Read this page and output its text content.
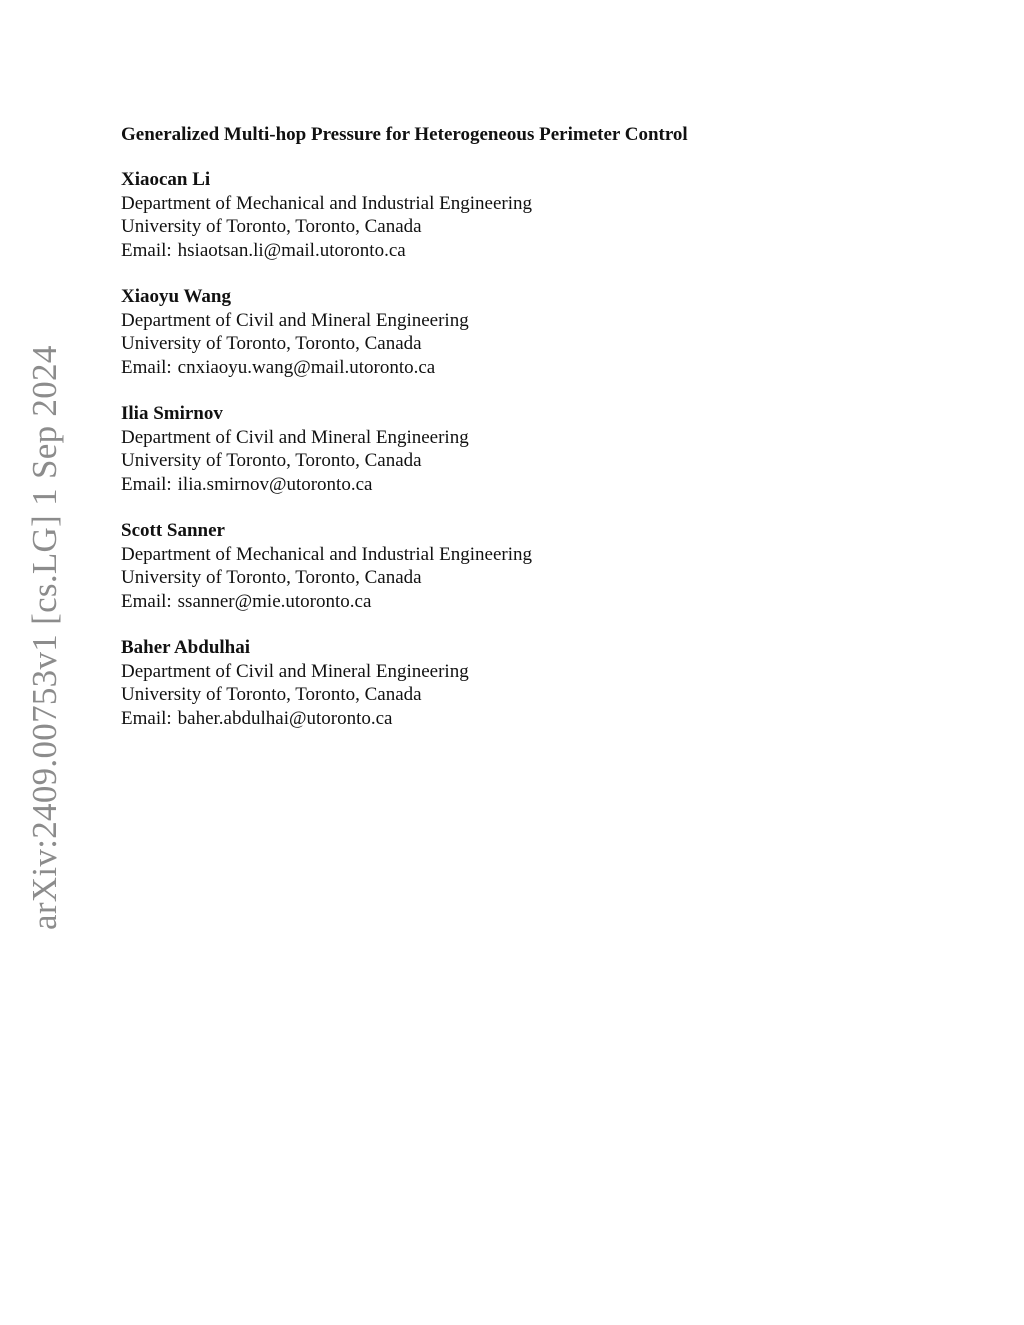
arXiv:2409.00753v1 [cs.LG] 1 Sep 2024
Generalized Multi-hop Pressure for Heterogeneous Perimeter Control
Xiaocan Li
Department of Mechanical and Industrial Engineering
University of Toronto, Toronto, Canada
Email: hsiaotsan.li@mail.utoronto.ca
Xiaoyu Wang
Department of Civil and Mineral Engineering
University of Toronto, Toronto, Canada
Email: cnxiaoyu.wang@mail.utoronto.ca
Ilia Smirnov
Department of Civil and Mineral Engineering
University of Toronto, Toronto, Canada
Email: ilia.smirnov@utoronto.ca
Scott Sanner
Department of Mechanical and Industrial Engineering
University of Toronto, Toronto, Canada
Email: ssanner@mie.utoronto.ca
Baher Abdulhai
Department of Civil and Mineral Engineering
University of Toronto, Toronto, Canada
Email: baher.abdulhai@utoronto.ca
